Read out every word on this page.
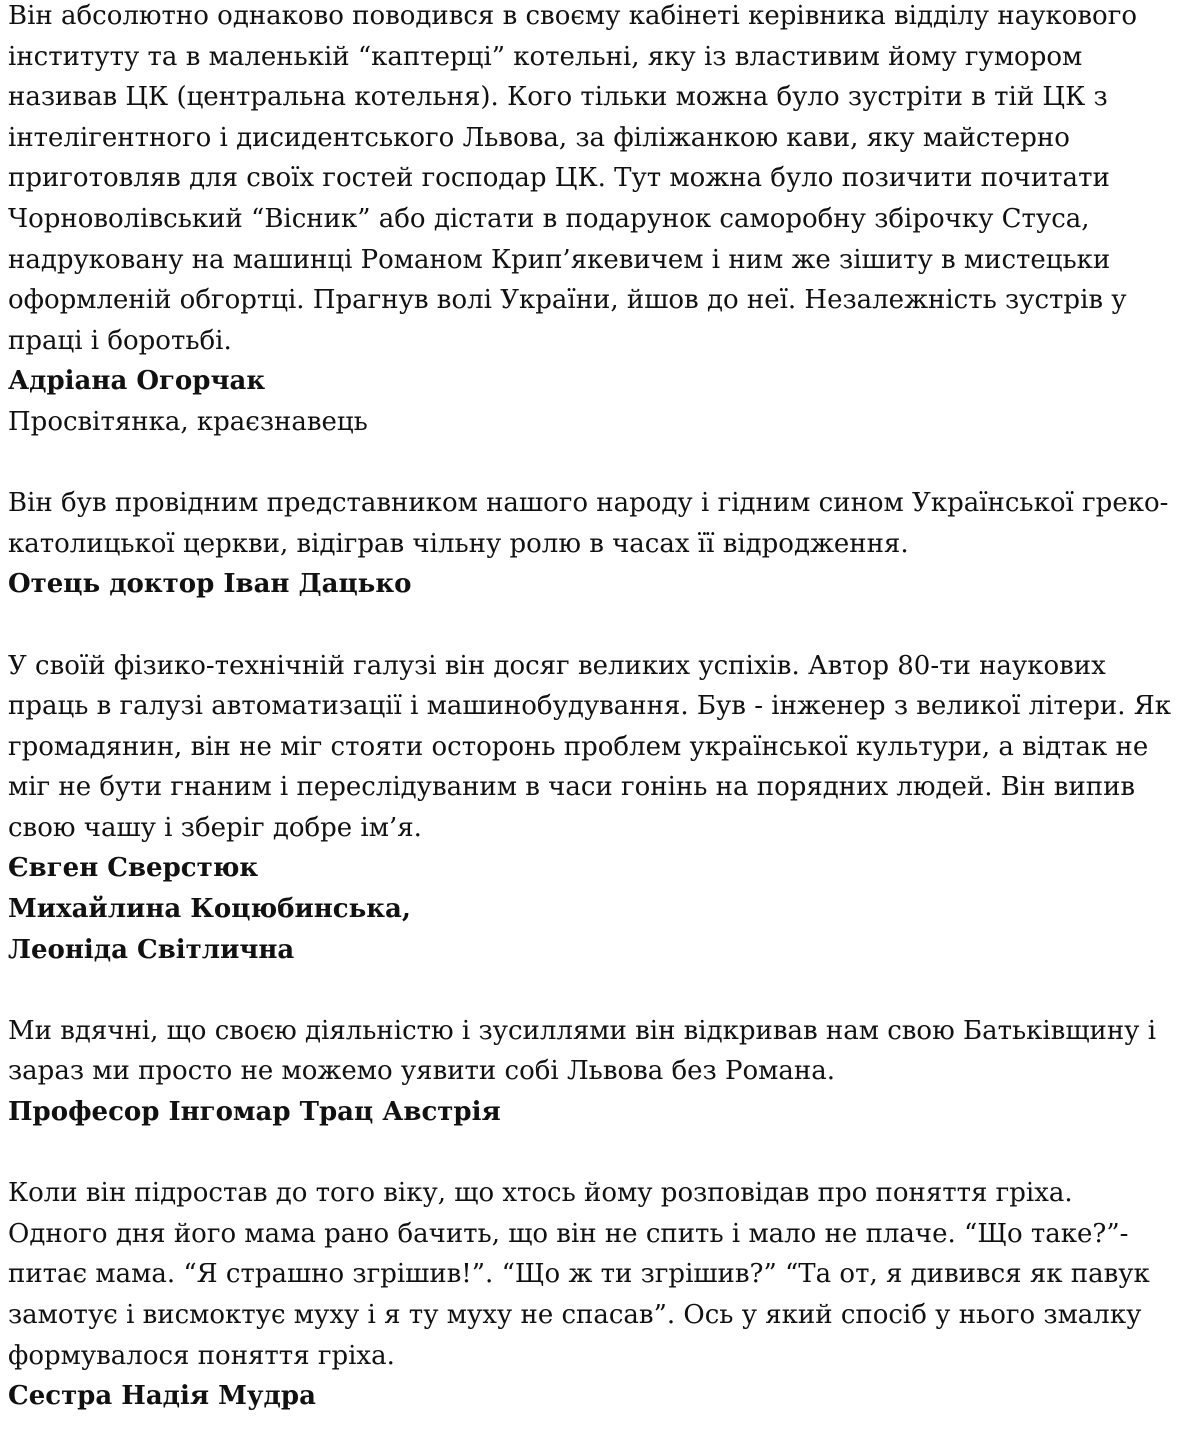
Він абсолютно однаково поводився в своєму кабінеті керівника відділу наукового інституту та в маленькій “каптерці” котельні, яку із властивим йому гумором називав ЦК (центральна котельня). Кого тільки можна було зустріти в тій ЦК з інтелігентного і дисидентського Львова, за філіжанкою кави, яку майстерно приготовляв для своїх гостей господар ЦК. Тут можна було позичити почитати Чорноволівський “Вісник” або дістати в подарунок саморобну збірочку Стуса, надруковану на машинці Романом Крип’якевичем і ним же зішиту в мистецьки оформленій обгортці. Прагнув волі України, йшов до неї. Незалежність зустрів у праці і боротьбі.

Адріана Огорчак

Просвітянка, краєзнавець

Він був провідним представником нашого народу і гідним сином Української греко-католицької церкви, відіграв чільну ролю в часах її відродження.

Отець доктор Іван Дацько

У своїй фізико-технічній галузі він досяг великих успіхів. Автор 80-ти наукових праць в галузі автоматизації і машинобудування. Був - інженер з великої літери. Як громадянин, він не міг стояти осторонь проблем української культури, а відтак не міг не бути гнаним і переслідуваним в часи гонінь на порядних людей. Він випив свою чашу і зберіг добре ім’я.

Євген Сверстюк

Михайлина Коцюбинська,

Леоніда Світлична

Ми вдячні, що своєю діяльністю і зусиллями він відкривав нам свою Батьківщину і зараз ми просто не можемо уявити собі Львова без Романа.

Професор Інгомар Трац Австрія

Коли він підростав до того віку, що хтось йому розповідав про поняття гріха. Одного дня його мама рано бачить, що він не спить і мало не плаче. “Що таке?”- питає мама. “Я страшно згрішив!”. “Що ж ти згрішив?” “Та от, я дивився як павук замотує і висмоктує муху і я ту муху не спасав”. Ось у який спосіб у нього змалку формувалося поняття гріха.

Сестра Надія Мудра
